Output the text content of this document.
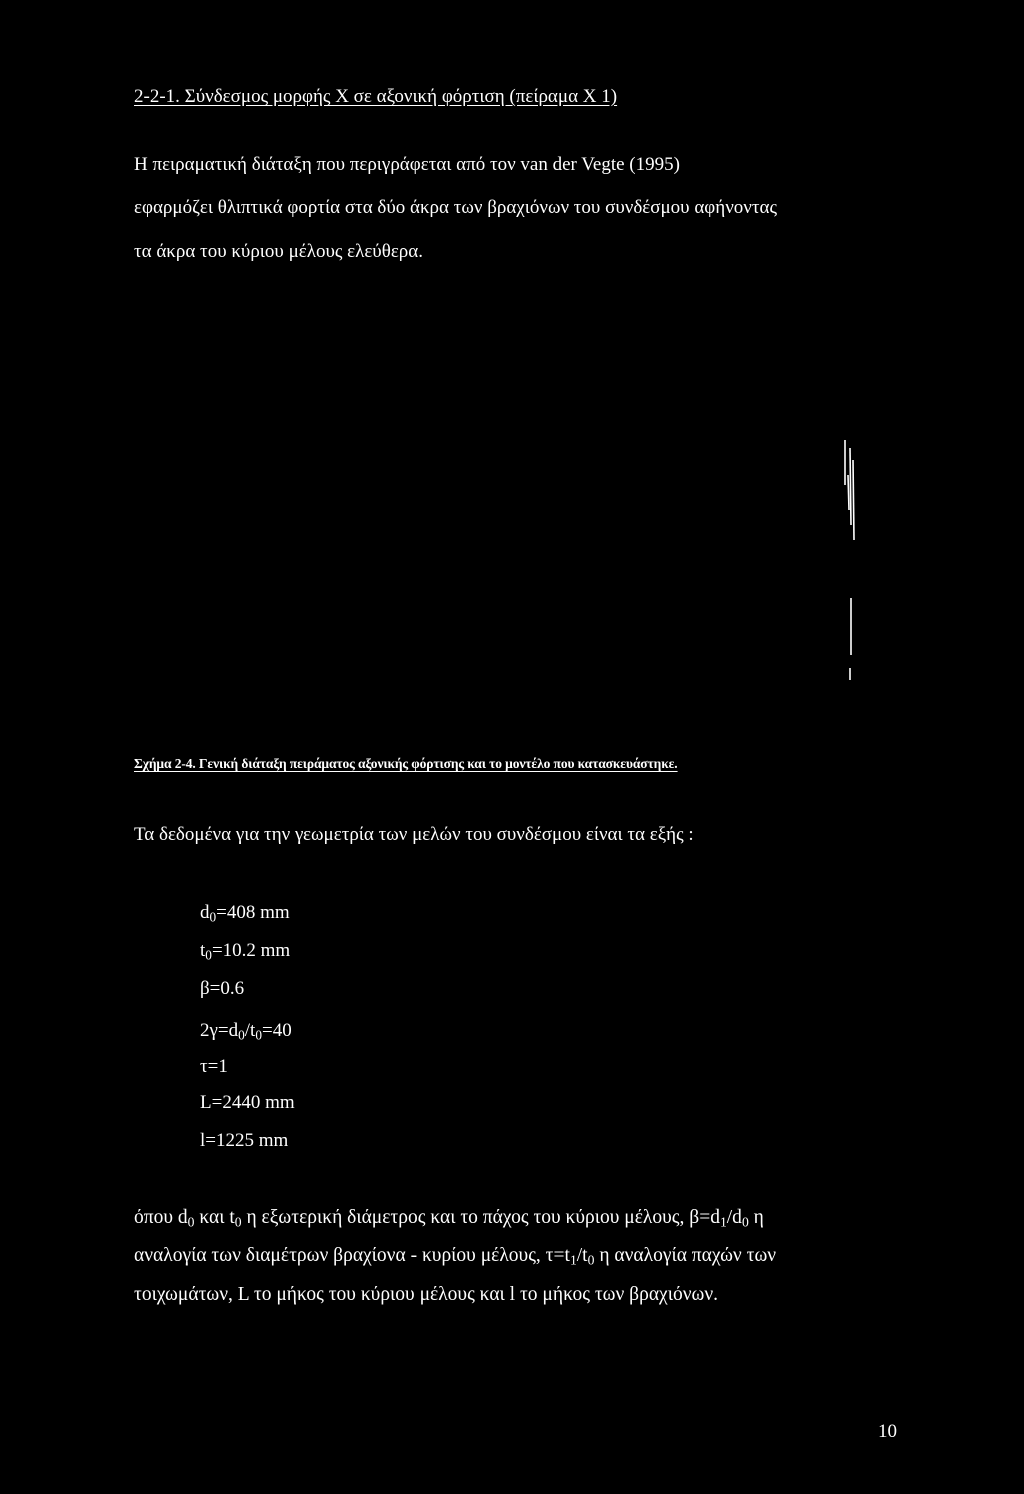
2-2-1. Σύνδεσμος μορφής Χ σε αξονική φόρτιση (πείραμα Χ 1)
Η πειραματική διάταξη που περιγράφεται από τον van der Vegte (1995)
εφαρμόζει θλιπτικά φορτία στα δύο άκρα των βραχιόνων του συνδέσμου αφήνοντας
τα άκρα του κύριου μέλους ελεύθερα.
Σχήμα 2-4. Γενική διάταξη πειράματος αξονικής φόρτισης και το μοντέλο που κατασκευάστηκε.
Τα δεδομένα για την γεωμετρία των μελών του συνδέσμου είναι τα εξής :
$d_0=408$ mm
$t_0=10.2$ mm
β=0.6
$2\gamma=d_0/t_0=40$
τ=1
L=2440 mm
l=1225 mm
όπου $d_0$ και $t_0$ η εξωτερική διάμετρος και το πάχος του κύριου μέλους, $\beta=d_1/d_0$ η
αναλογία των διαμέτρων βραχίονα - κυρίου μέλους, $\tau=t_1/t_0$ η αναλογία παχών των
τοιχωμάτων, L το μήκος του κύριου μέλους και l το μήκος των βραχιόνων.
10
